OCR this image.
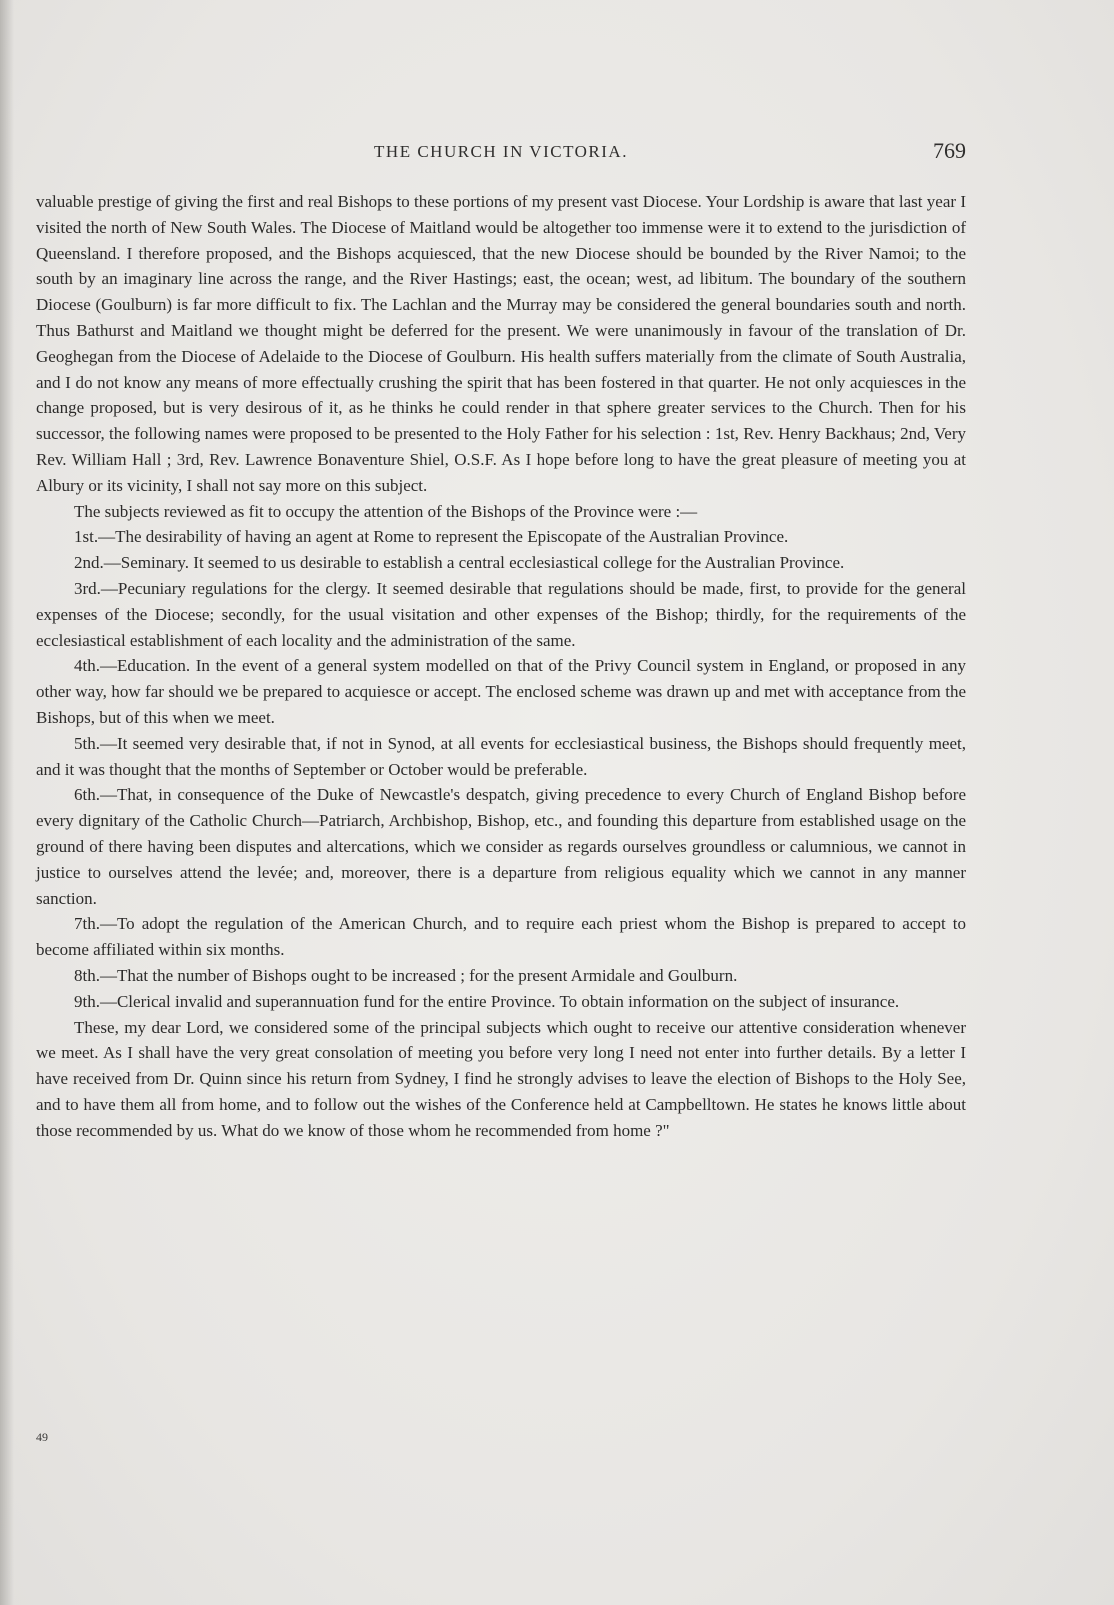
THE CHURCH IN VICTORIA.	769

valuable prestige of giving the first and real Bishops to these portions of my present vast Diocese. Your Lordship is aware that last year I visited the north of New South Wales. The Diocese of Maitland would be altogether too immense were it to extend to the jurisdiction of Queensland. I therefore proposed, and the Bishops acquiesced, that the new Diocese should be bounded by the River Namoi; to the south by an imaginary line across the range, and the River Hastings; east, the ocean; west, ad libitum. The boundary of the southern Diocese (Goulburn) is far more difficult to fix. The Lachlan and the Murray may be considered the general boundaries south and north. Thus Bathurst and Maitland we thought might be deferred for the present. We were unanimously in favour of the translation of Dr. Geoghegan from the Diocese of Adelaide to the Diocese of Goulburn. His health suffers materially from the climate of South Australia, and I do not know any means of more effectually crushing the spirit that has been fostered in that quarter. He not only acquiesces in the change proposed, but is very desirous of it, as he thinks he could render in that sphere greater services to the Church. Then for his successor, the following names were proposed to be presented to the Holy Father for his selection : 1st, Rev. Henry Backhaus; 2nd, Very Rev. William Hall ; 3rd, Rev. Lawrence Bonaventure Shiel, O.S.F. As I hope before long to have the great pleasure of meeting you at Albury or its vicinity, I shall not say more on this subject.

The subjects reviewed as fit to occupy the attention of the Bishops of the Province were :—

1st.—The desirability of having an agent at Rome to represent the Episcopate of the Australian Province.

2nd.—Seminary. It seemed to us desirable to establish a central ecclesiastical college for the Australian Province.

3rd.—Pecuniary regulations for the clergy. It seemed desirable that regulations should be made, first, to provide for the general expenses of the Diocese; secondly, for the usual visitation and other expenses of the Bishop; thirdly, for the requirements of the ecclesiastical establishment of each locality and the administration of the same.

4th.—Education. In the event of a general system modelled on that of the Privy Council system in England, or proposed in any other way, how far should we be prepared to acquiesce or accept. The enclosed scheme was drawn up and met with acceptance from the Bishops, but of this when we meet.

5th.—It seemed very desirable that, if not in Synod, at all events for ecclesiastical business, the Bishops should frequently meet, and it was thought that the months of September or October would be preferable.

6th.—That, in consequence of the Duke of Newcastle's despatch, giving precedence to every Church of England Bishop before every dignitary of the Catholic Church—Patriarch, Archbishop, Bishop, etc., and founding this departure from established usage on the ground of there having been disputes and altercations, which we consider as regards ourselves groundless or calumnious, we cannot in justice to ourselves attend the levée; and, moreover, there is a departure from religious equality which we cannot in any manner sanction.

7th.—To adopt the regulation of the American Church, and to require each priest whom the Bishop is prepared to accept to become affiliated within six months.

8th.—That the number of Bishops ought to be increased ; for the present Armidale and Goulburn.

9th.—Clerical invalid and superannuation fund for the entire Province. To obtain information on the subject of insurance.

These, my dear Lord, we considered some of the principal subjects which ought to receive our attentive consideration whenever we meet. As I shall have the very great consolation of meeting you before very long I need not enter into further details. By a letter I have received from Dr. Quinn since his return from Sydney, I find he strongly advises to leave the election of Bishops to the Holy See, and to have them all from home, and to follow out the wishes of the Conference held at Campbelltown. He states he knows little about those recommended by us. What do we know of those whom he recommended from home ?"

49
